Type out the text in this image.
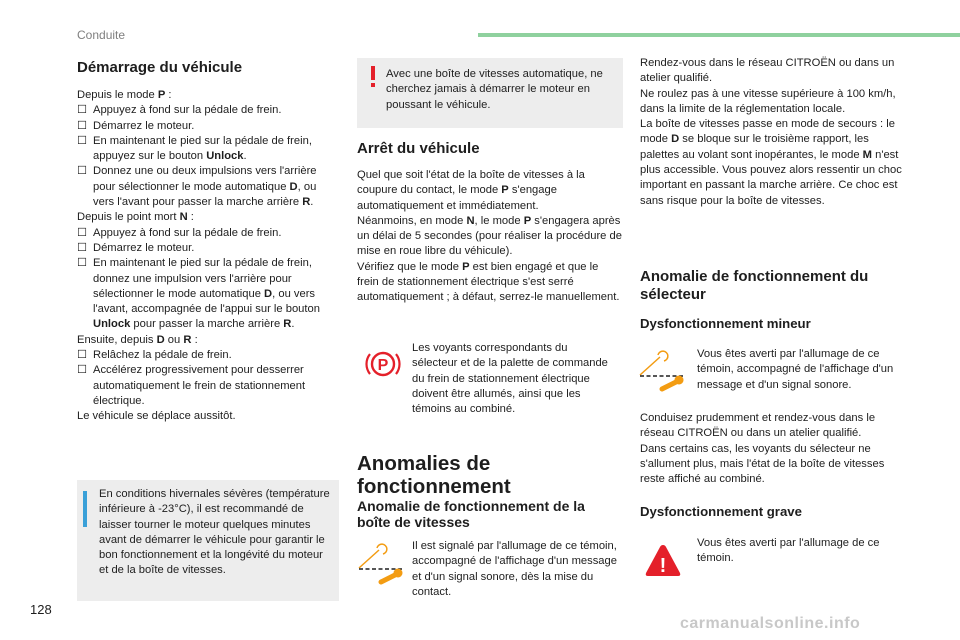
Conduite
Démarrage du véhicule
Depuis le mode P :
☐ Appuyez à fond sur la pédale de frein.
☐ Démarrez le moteur.
☐ En maintenant le pied sur la pédale de frein, appuyez sur le bouton Unlock.
☐ Donnez une ou deux impulsions vers l'arrière pour sélectionner le mode automatique D, ou vers l'avant pour passer la marche arrière R.
Depuis le point mort N :
☐ Appuyez à fond sur la pédale de frein.
☐ Démarrez le moteur.
☐ En maintenant le pied sur la pédale de frein, donnez une impulsion vers l'arrière pour sélectionner le mode automatique D, ou vers l'avant, accompagnée de l'appui sur le bouton Unlock pour passer la marche arrière R.
Ensuite, depuis D ou R :
☐ Relâchez la pédale de frein.
☐ Accélérez progressivement pour desserrer automatiquement le frein de stationnement électrique.
Le véhicule se déplace aussitôt.
En conditions hivernales sévères (température inférieure à -23°C), il est recommandé de laisser tourner le moteur quelques minutes avant de démarrer le véhicule pour garantir le bon fonctionnement et la longévité du moteur et de la boîte de vitesses.
Avec une boîte de vitesses automatique, ne cherchez jamais à démarrer le moteur en poussant le véhicule.
Arrêt du véhicule
Quel que soit l'état de la boîte de vitesses à la coupure du contact, le mode P s'engage automatiquement et immédiatement.
Néanmoins, en mode N, le mode P s'engagera après un délai de 5 secondes (pour réaliser la procédure de mise en roue libre du véhicule).
Vérifiez que le mode P est bien engagé et que le frein de stationnement électrique s'est serré automatiquement ; à défaut, serrez-le manuellement.
P
Les voyants correspondants du sélecteur et de la palette de commande du frein de stationnement électrique doivent être allumés, ainsi que les témoins au combiné.
Anomalies de fonctionnement
Anomalie de fonctionnement de la boîte de vitesses
Il est signalé par l'allumage de ce témoin, accompagné de l'affichage d'un message et d'un signal sonore, dès la mise du contact.
Rendez-vous dans le réseau CITROËN ou dans un atelier qualifié.
Ne roulez pas à une vitesse supérieure à 100 km/h, dans la limite de la réglementation locale.
La boîte de vitesses passe en mode de secours : le mode D se bloque sur le troisième rapport, les palettes au volant sont inopérantes, le mode M n'est plus accessible. Vous pouvez alors ressentir un choc important en passant la marche arrière. Ce choc est sans risque pour la boîte de vitesses.
Anomalie de fonctionnement du sélecteur
Dysfonctionnement mineur
Vous êtes averti par l'allumage de ce témoin, accompagné de l'affichage d'un message et d'un signal sonore.
Conduisez prudemment et rendez-vous dans le réseau CITROËN ou dans un atelier qualifié.
Dans certains cas, les voyants du sélecteur ne s'allument plus, mais l'état de la boîte de vitesses reste affiché au combiné.
Dysfonctionnement grave
!
Vous êtes averti par l'allumage de ce témoin.
128
carmanualsonline.info
